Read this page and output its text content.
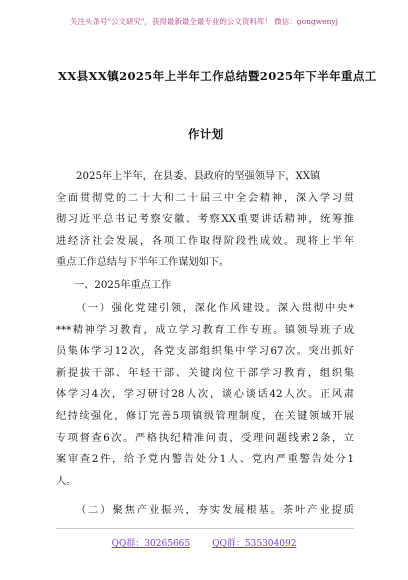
关注头条号"公文研究"，获得最新最全最专业的公文资料库！ 微信：gongwenyj
XX县XX镇2025年上半年工作总结暨2025年下半年重点工
作计划
2025年上半年，在县委、县政府的坚强领导下，XX镇
全面贯彻党的二十大和二十届三中全会精神，深入学习贯
彻习近平总书记考察安徽、考察XX重要讲话精神，统筹推
进经济社会发展，各项工作取得阶段性成效。现将上半年
重点工作总结与下半年工作谋划如下。
一、2025年重点工作
（一）强化党建引领，深化作风建设。深入贯彻中央*
***精神学习教育，成立学习教育工作专班。镇领导班子成
员集体学习12次，各党支部组织集中学习67次。突出抓好
新提拔干部、年轻干部、关键岗位干部学习教育，组织集
体学习4次，学习研讨28人次，谈心谈话42人次。正风肃
纪持续强化，修订完善5项镇级管理制度，在关键领域开展
专项督查6次。严格执纪精准问责，受理问题线索2条，立
案审查2件，给予党内警告处分1人、党内严重警告处分1
人。
（二）聚焦产业振兴，夯实发展根基。茶叶产业提质
QQ群：30265665 QQ群：535304092
